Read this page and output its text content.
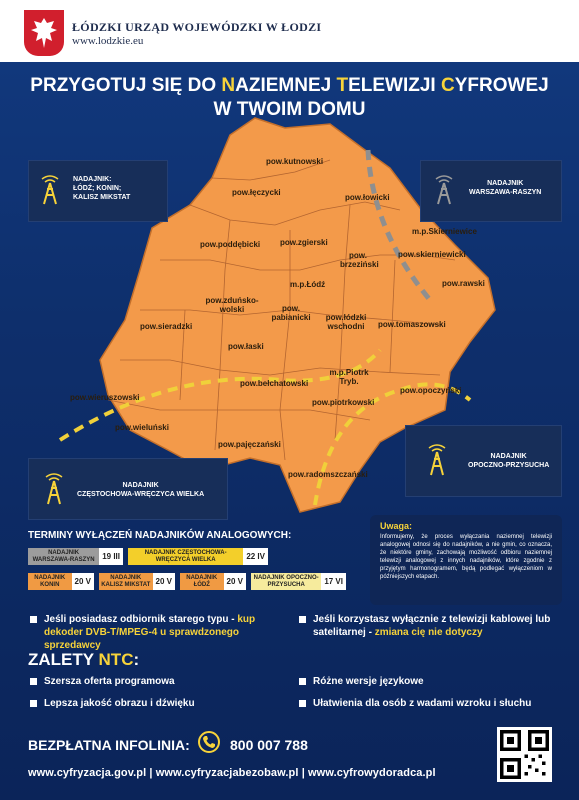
ŁÓDZKI URZĄD WOJEWÓDZKI W ŁODZI
www.lodzkie.eu
PRZYGOTUJ SIĘ DO NAZIEMNEJ TELEWIZJI CYFROWEJ
W TWOIM DOMU
pow.kutnowski
pow.łęczycki
pow.łowicki
m.p.Skierniewice
pow.poddębicki pow.zgierski
pow. brzeziński
pow.skierniewicki
m.p.Łódź	pow.rawski
pow.zduńsko-wolski	pow. pabianicki	pow.łódzki wschodni
pow.sieradzki	pow.tomaszowski
pow.łaski
pow.bełchatowski
m.p.Piotrk Tryb.
pow.opoczyński
pow.wieruszowski
pow.piotrkowski
pow.wieluński
pow.pajęczański
pow.radomszczański
NADAJNIK:
ŁÓDŹ; KONIN;
KALISZ MIKSTAT
NADAJNIK
WARSZAWA-RASZYN
NADAJNIK
OPOCZNO-PRZYSUCHA
NADAJNIK
CZĘSTOCHOWA-WRĘCZYCA WIELKA
TERMINY WYŁĄCZEŃ NADAJNIKÓW ANALOGOWYCH:
NADAJNIK WARSZAWA-RASZYN 19 III	NADAJNIK CZĘSTOCHOWA-WRĘCZYCA WIELKA	22 IV
NADAJNIK KONIN	20 V	NADAJNIK KALISZ MIKSTAT 20 V	NADAJNIK ŁÓDŹ	20 V	NADAJNIK OPOCZNO-PRZYSUCHA	17 VI
Uwaga:
Informujemy, że proces wyłączania naziemnej telewizji analogowej odnosi się do nadajników, a nie gmin, co oznacza, że niektóre gminy, zachowają możliwość odbioru naziemnej telewizji analogowej z innych nadajników, które zgodnie z przyjętym harmonogramem, będą podlegać wyłączeniom w późniejszych etapach.
Jeśli posiadasz odbiornik starego typu - kup dekoder DVB-T/MPEG-4 u sprawdzonego sprzedawcy
Jeśli korzystasz wyłącznie z telewizji kablowej lub satelitarnej - zmiana cię nie dotyczy
ZALETY NTC:
Szersza oferta programowa	Różne wersje językowe
Lepsza jakość obrazu i dźwięku	Ułatwienia dla osób z wadami wzroku i słuchu
BEZPŁATNA INFOLINIA:	800 007 788
www.cyfryzacja.gov.pl | www.cyfryzacjabezobaw.pl | www.cyfrowydoradca.pl
